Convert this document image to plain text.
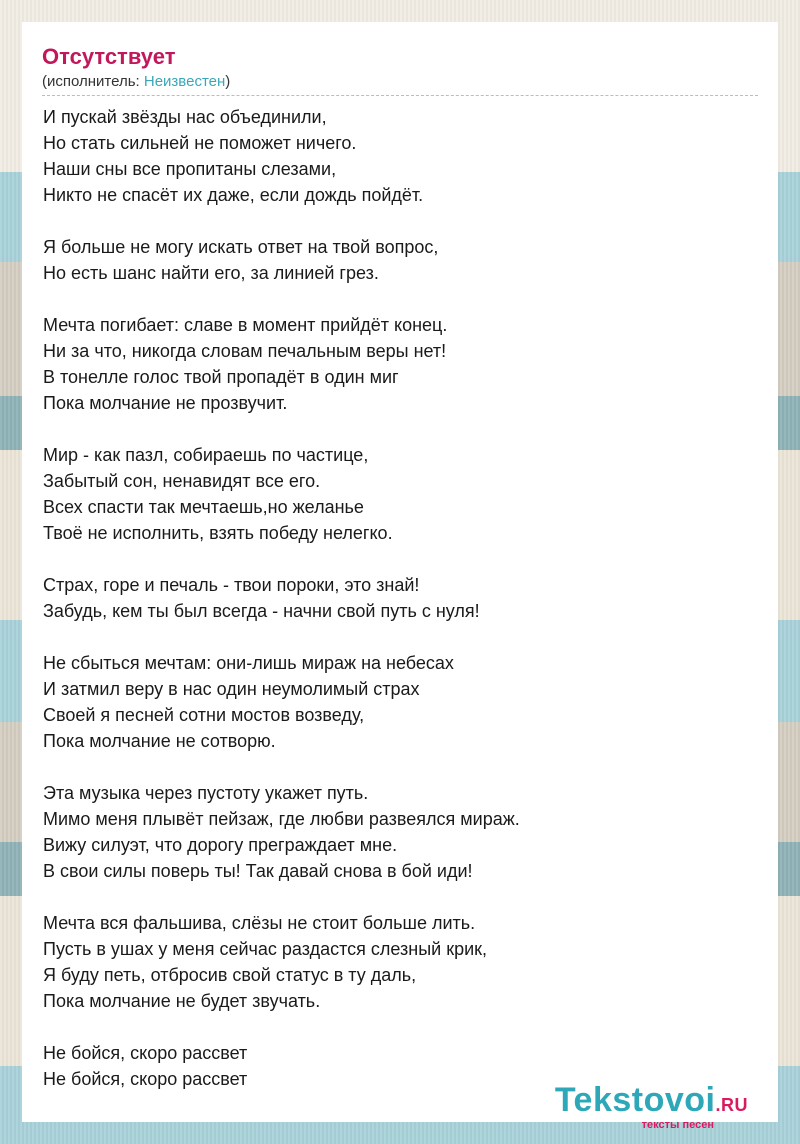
Отсутствует
(исполнитель: Неизвестен)
И пускай звёзды нас объединили,
Но стать сильней не поможет ничего.
Наши сны все пропитаны слезами,
Никто не спасёт их даже, если дождь пойдёт.
Я больше не могу искать ответ на твой вопрос,
Но есть шанс найти его, за линией грез.
Мечта погибает: славе в момент прийдёт конец.
Ни за что, никогда словам печальным веры нет!
В тонелле голос твой пропадёт в один миг
Пока молчание не прозвучит.
Мир - как пазл, собираешь по частице,
Забытый сон, ненавидят все его.
Всех спасти так мечтаешь,но желанье
Твоё не исполнить, взять победу нелегко.
Страх, горе и печаль - твои пороки, это знай!
Забудь, кем ты был всегда - начни свой путь с нуля!
Не сбыться мечтам: они-лишь мираж на небесах
И затмил веру в нас один неумолимый страх
Своей я песней сотни мостов возведу,
Пока молчание не сотворю.
Эта музыка через пустоту укажет путь.
Мимо меня плывёт пейзаж, где любви развеялся мираж.
Вижу силуэт, что дорогу преграждает мне.
В свои силы поверь ты! Так давай снова в бой иди!
Мечта вся фальшива, слёзы не стоит больше лить.
Пусть в ушах у меня сейчас раздастся слезный крик,
Я буду петь, отбросив свой статус в ту даль,
Пока молчание не будет звучать.
Не бойся, скоро рассвет
Не бойся, скоро рассвет
Tekstovoi.RU
тексты песен
